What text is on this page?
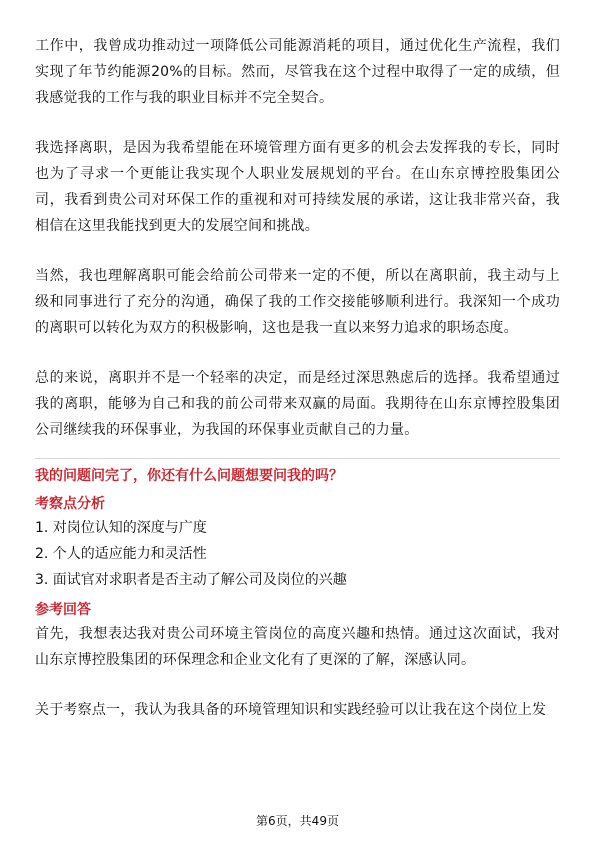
工作中，我曾成功推动过一项降低公司能源消耗的项目，通过优化生产流程，我们实现了年节约能源20%的目标。然而，尽管我在这个过程中取得了一定的成绩，但我感觉我的工作与我的职业目标并不完全契合。

我选择离职，是因为我希望能在环境管理方面有更多的机会去发挥我的专长，同时也为了寻求一个更能让我实现个人职业发展规划的平台。在山东京博控股集团公司，我看到贵公司对环保工作的重视和对可持续发展的承诺，这让我非常兴奋，我相信在这里我能找到更大的发展空间和挑战。

当然，我也理解离职可能会给前公司带来一定的不便，所以在离职前，我主动与上级和同事进行了充分的沟通，确保了我的工作交接能够顺利进行。我深知一个成功的离职可以转化为双方的积极影响，这也是我一直以来努力追求的职场态度。

总的来说，离职并不是一个轻率的决定，而是经过深思熟虑后的选择。我希望通过我的离职，能够为自己和我的前公司带来双赢的局面。我期待在山东京博控股集团公司继续我的环保事业，为我国的环保事业贡献自己的力量。

我的问题问完了，你还有什么问题想要问我的吗？
考察点分析
1. 对岗位认知的深度与广度
2. 个人的适应能力和灵活性
3. 面试官对求职者是否主动了解公司及岗位的兴趣
参考回答

首先，我想表达我对贵公司环境主管岗位的高度兴趣和热情。通过这次面试，我对山东京博控股集团的环保理念和企业文化有了更深的了解，深感认同。

关于考察点一，我认为我具备的环境管理知识和实践经验可以让我在这个岗位上发

第6页，共49页
